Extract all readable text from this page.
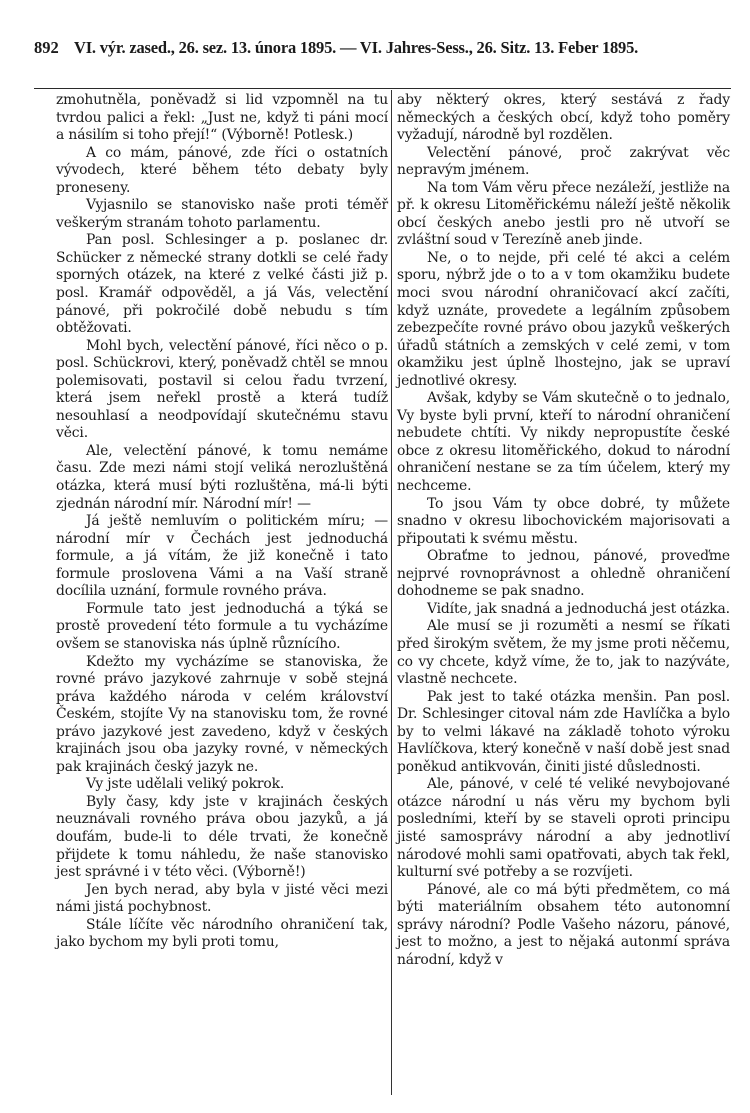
892 VI. výr. zased., 26. sez. 13. února 1895. — VI. Jahres-Sess., 26. Sitz. 13. Feber 1895.

zmohutněla, poněvadž si lid vzpomněl na tu tvrdou palici a řekl: „Just ne, když ti páni mocí a násilím si toho přejí!“ (Výborně! Potlesk.)

A co mám, pánové, zde říci o ostatních vývodech, které během této debaty byly proneseny.

Vyjasnilo se stanovisko naše proti téměř veškerým stranám tohoto parlamentu.

Pan posl. Schlesinger a p. poslanec dr. Schücker z německé strany dotkli se celé řady sporných otázek, na které z velké části již p. posl. Kramář odpověděl, a já Vás, velectění pánové, při pokročilé době nebudu s tím obtěžovati.

Mohl bych, velectění pánové, říci něco o p. posl. Schückrovi, který, poněvadž chtěl se mnou polemisovati, postavil si celou řadu tvrzení, která jsem neřekl prostě a která tudíž nesouhlasí a neodpovídají skutečnému stavu věci.

Ale, velectění pánové, k tomu nemáme času. Zde mezi námi stojí veliká nerozluštěná otázka, která musí býti rozluštěna, má-li býti zjednán národní mír. Národní mír! —

Já ještě nemluvím o politickém míru; — národní mír v Čechách jest jednoduchá formule, a já vítám, že již konečně i tato formule proslovena Vámi a na Vaší straně docílila uznání, formule rovného práva.

Formule tato jest jednoduchá a týká se prostě provedení této formule a tu vycházíme ovšem se stanoviska nás úplně různícího.

Kdežto my vycházíme se stanoviska, že rovné právo jazykové zahrnuje v sobě stejná práva každého národa v celém království Českém, stojíte Vy na stanovisku tom, že rovné právo jazykové jest zavedeno, když v českých krajinách jsou oba jazyky rovné, v německých pak krajinách český jazyk ne.

Vy jste udělali veliký pokrok.

Byly časy, kdy jste v krajinách českých neuznávali rovného práva obou jazyků, a já doufám, bude-li to déle trvati, že konečně přijdete k tomu náhledu, že naše stanovisko jest správné i v této věci. (Výborně!)

Jen bych nerad, aby byla v jisté věci mezi námi jistá pochybnost.

Stále líčíte věc národního ohraničení tak, jako bychom my byli proti tomu,

aby některý okres, který sestává z řady německých a českých obcí, když toho poměry vyžadují, národně byl rozdělen.

Velectění pánové, proč zakrývat věc nepravým jménem.

Na tom Vám věru přece nezáleží, jestliže na př. k okresu Litoměřickému náleží ještě několik obcí českých anebo jestli pro ně utvoří se zvláštní soud v Terezíně aneb jinde.

Ne, o to nejde, při celé té akci a celém sporu, nýbrž jde o to a v tom okamžiku budete moci svou národní ohraničovací akcí začíti, když uznáte, provedete a legálním způsobem zebezpečíte rovné právo obou jazyků veškerých úřadů státních a zemských v celé zemi, v tom okamžiku jest úplně lhostejno, jak se upraví jednotlivé okresy.

Avšak, kdyby se Vám skutečně o to jednalo, Vy byste byli první, kteří to národní ohraničení nebudete chtíti. Vy nikdy nepropustíte české obce z okresu litoměřického, dokud to národní ohraničení nestane se za tím účelem, který my nechceme.

To jsou Vám ty obce dobré, ty můžete snadno v okresu libochovickém majorisovati a připoutati k svému městu.

Obraťme to jednou, pánové, proveďme nejprvé rovnoprávnost a ohledně ohraničení dohodneme se pak snadno.

Vidíte, jak snadná a jednoduchá jest otázka.

Ale musí se ji rozuměti a nesmí se říkati před širokým světem, že my jsme proti něčemu, co vy chcete, když víme, že to, jak to nazýváte, vlastně nechcete.

Pak jest to také otázka menšin. Pan posl. Dr. Schlesinger citoval nám zde Havlíčka a bylo by to velmi lákavé na základě tohoto výroku Havlíčkova, který konečně v naší době jest snad poněkud antikvován, činiti jisté důslednosti.

Ale, pánové, v celé té veliké nevybojované otázce národní u nás věru my bychom byli posledními, kteří by se staveli oproti principu jisté samosprávy národní a aby jednotliví národové mohli sami opatřovati, abych tak řekl, kulturní své potřeby a se rozvíjeti.

Pánové, ale co má býti předmětem, co má býti materiálním obsahem této autonomní správy národní? Podle Vašeho názoru, pánové, jest to možno, a jest to nějaká autonmí správa národní, když v
